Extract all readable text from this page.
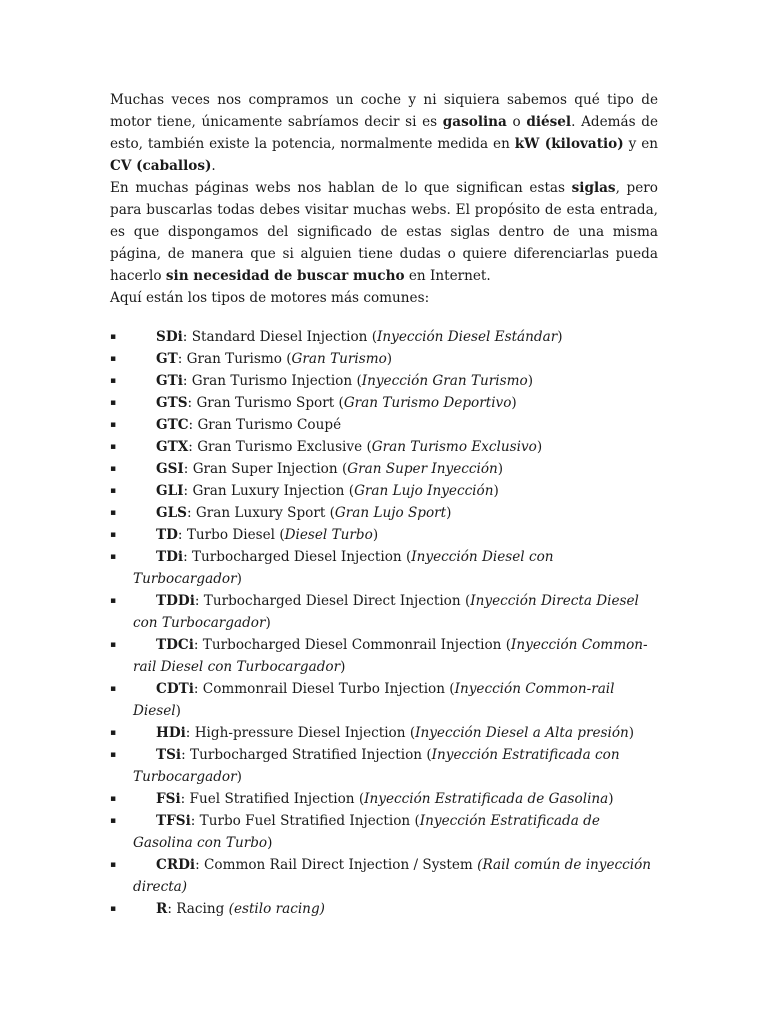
Muchas veces nos compramos un coche y ni siquiera sabemos qué tipo de motor tiene, únicamente sabríamos decir si es gasolina o diésel. Además de esto, también existe la potencia, normalmente medida en kW (kilovatio) y en CV (caballos).

En muchas páginas webs nos hablan de lo que significan estas siglas, pero para buscarlas todas debes visitar muchas webs. El propósito de esta entrada, es que dispongamos del significado de estas siglas dentro de una misma página, de manera que si alguien tiene dudas o quiere diferenciarlas pueda hacerlo sin necesidad de buscar mucho en Internet.

Aquí están los tipos de motores más comunes:

▪	SDi: Standard Diesel Injection (Inyección Diesel Estándar)
▪	GT: Gran Turismo (Gran Turismo)
▪	GTi: Gran Turismo Injection (Inyección Gran Turismo)
▪	GTS: Gran Turismo Sport (Gran Turismo Deportivo)
▪	GTC: Gran Turismo Coupé
▪	GTX: Gran Turismo Exclusive (Gran Turismo Exclusivo)
▪	GSI: Gran Super Injection (Gran Super Inyección)
▪	GLI: Gran Luxury Injection (Gran Lujo Inyección)
▪	GLS: Gran Luxury Sport (Gran Lujo Sport)
▪	TD: Turbo Diesel (Diesel Turbo)
▪	TDi: Turbocharged Diesel Injection (Inyección Diesel con Turbocargador)
▪	TDDi: Turbocharged Diesel Direct Injection (Inyección Directa Diesel con Turbocargador)
▪	TDCi: Turbocharged Diesel Commonrail Injection (Inyección Common-rail Diesel con Turbocargador)
▪	CDTi: Commonrail Diesel Turbo Injection (Inyección Common-rail Diesel)
▪	HDi: High-pressure Diesel Injection (Inyección Diesel a Alta presión)
▪	TSi: Turbocharged Stratified Injection (Inyección Estratificada con Turbocargador)
▪	FSi: Fuel Stratified Injection (Inyección Estratificada de Gasolina)
▪	TFSi: Turbo Fuel Stratified Injection (Inyección Estratificada de Gasolina con Turbo)
▪	CRDi: Common Rail Direct Injection / System (Rail común de inyección directa)
▪	R: Racing (estilo racing)
